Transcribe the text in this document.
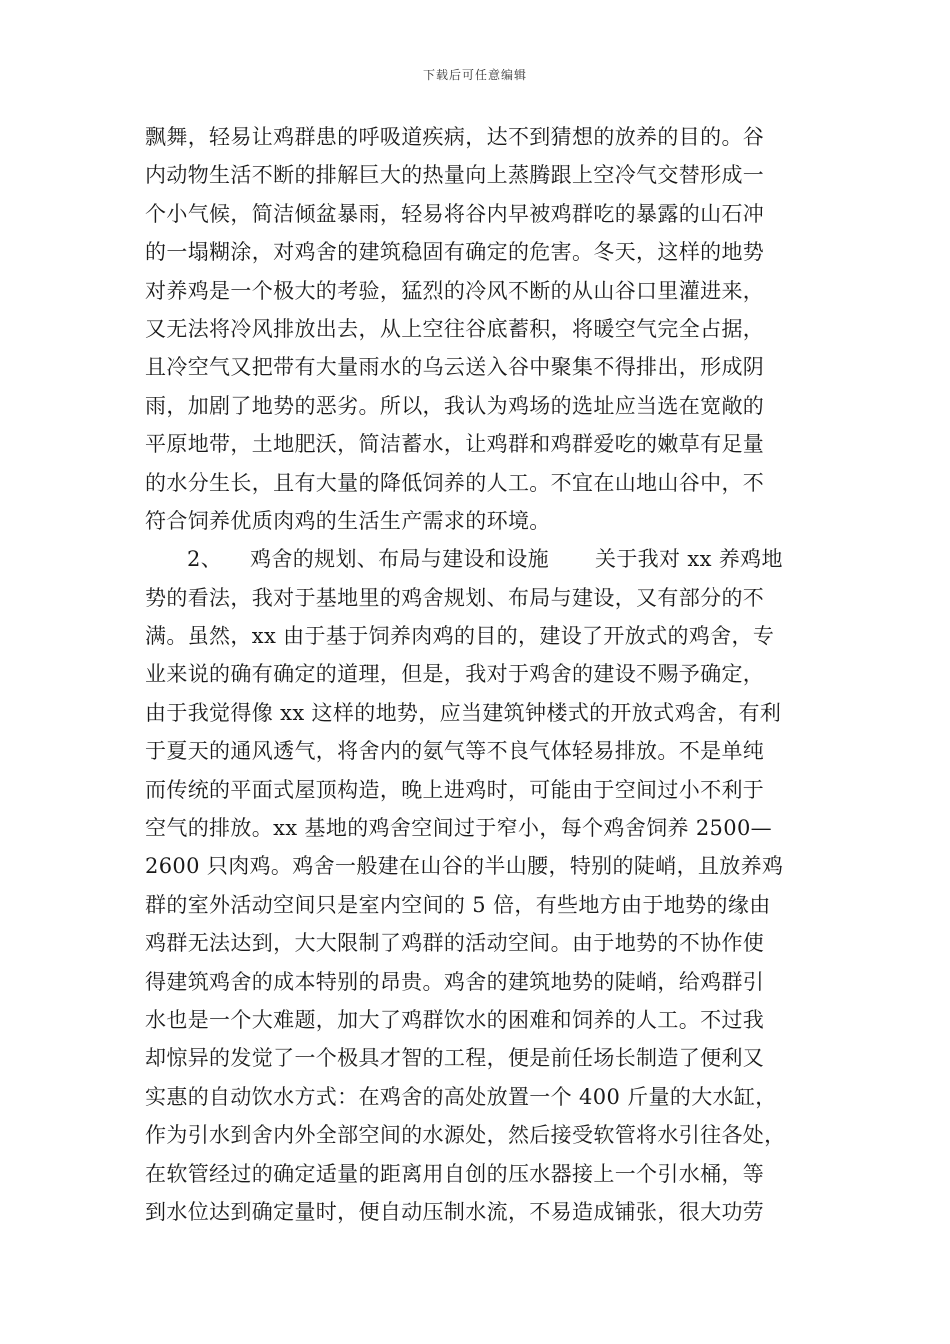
下载后可任意编辑
飘舞，轻易让鸡群患的呼吸道疾病，达不到猜想的放养的目的。谷
内动物生活不断的排解巨大的热量向上蒸腾跟上空冷气交替形成一
个小气候，简洁倾盆暴雨，轻易将谷内早被鸡群吃的暴露的山石冲
的一塌糊涂，对鸡舍的建筑稳固有确定的危害。冬天，这样的地势
对养鸡是一个极大的考验，猛烈的冷风不断的从山谷口里灌进来，
又无法将冷风排放出去，从上空往谷底蓄积，将暖空气完全占据，
且冷空气又把带有大量雨水的乌云送入谷中聚集不得排出，形成阴
雨，加剧了地势的恶劣。所以，我认为鸡场的选址应当选在宽敞的
平原地带，土地肥沃，简洁蓄水，让鸡群和鸡群爱吃的嫩草有足量
的水分生长，且有大量的降低饲养的人工。不宜在山地山谷中，不
符合饲养优质肉鸡的生活生产需求的环境。
2、 鸡舍的规划、布局与建设和设施 关于我对 xx 养鸡地
势的看法，我对于基地里的鸡舍规划、布局与建设，又有部分的不
满。虽然，xx 由于基于饲养肉鸡的目的，建设了开放式的鸡舍，专
业来说的确有确定的道理，但是，我对于鸡舍的建设不赐予确定，
由于我觉得像 xx 这样的地势，应当建筑钟楼式的开放式鸡舍，有利
于夏天的通风透气，将舍内的氨气等不良气体轻易排放。不是单纯
而传统的平面式屋顶构造，晚上进鸡时，可能由于空间过小不利于
空气的排放。xx 基地的鸡舍空间过于窄小，每个鸡舍饲养 2500—
2600 只肉鸡。鸡舍一般建在山谷的半山腰，特别的陡峭，且放养鸡
群的室外活动空间只是室内空间的 5 倍，有些地方由于地势的缘由
鸡群无法达到，大大限制了鸡群的活动空间。由于地势的不协作使
得建筑鸡舍的成本特别的昂贵。鸡舍的建筑地势的陡峭，给鸡群引
水也是一个大难题，加大了鸡群饮水的困难和饲养的人工。不过我
却惊异的发觉了一个极具才智的工程，便是前任场长制造了便利又
实惠的自动饮水方式：在鸡舍的高处放置一个 400 斤量的大水缸，
作为引水到舍内外全部空间的水源处，然后接受软管将水引往各处，
在软管经过的确定适量的距离用自创的压水器接上一个引水桶，等
到水位达到确定量时，便自动压制水流，不易造成铺张，很大功劳
